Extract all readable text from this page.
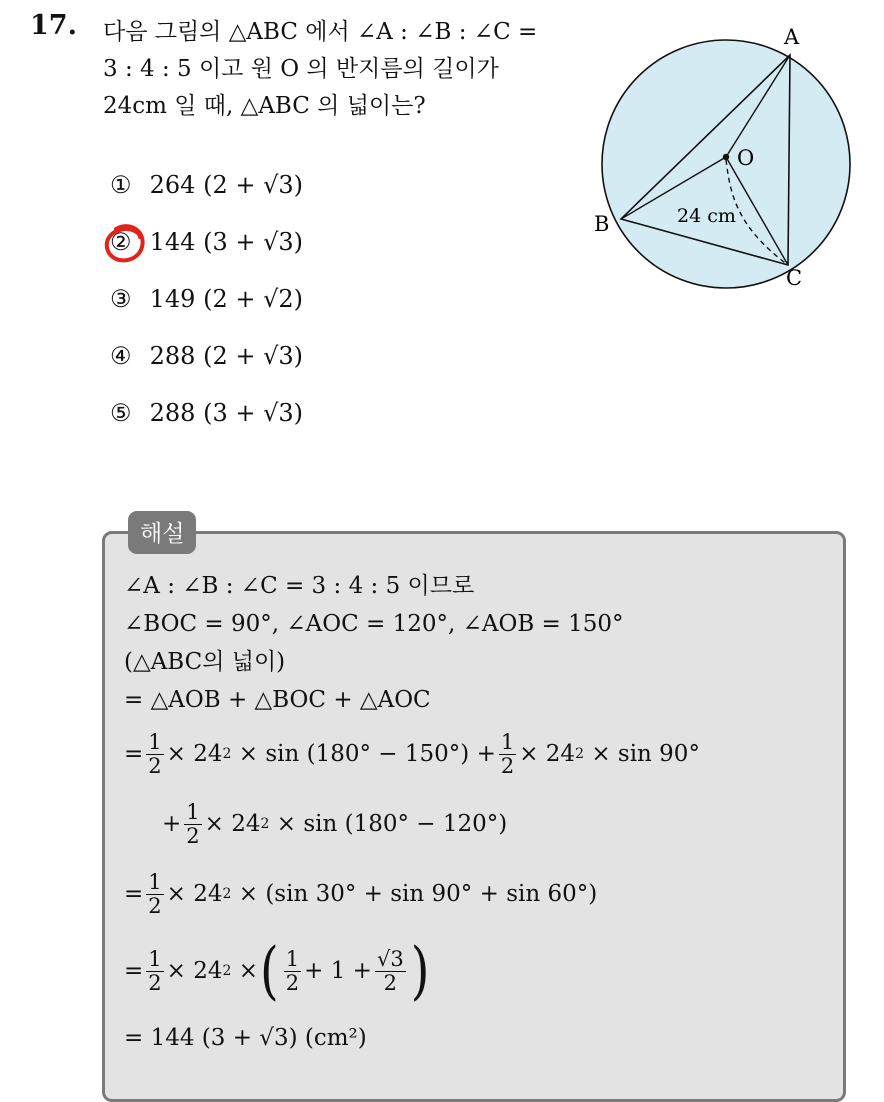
17. 다음 그림의 △ABC 에서 ∠A : ∠B : ∠C =
3 : 4 : 5 이고 원 O 의 반지름의 길이가
24cm 일 때, △ABC 의 넓이는?
① 264 (2 + √3)
② 144 (3 + √3)
③ 149 (2 + √2)
④ 288 (2 + √3)
⑤ 288 (3 + √3)
A
B
C
O
24 cm
해설
∠A : ∠B : ∠C = 3 : 4 : 5 이므로
∠BOC = 90°, ∠AOC = 120°, ∠AOB = 150°
(△ABC의 넓이)
= △AOB + △BOC + △AOC
= $\frac{1}{2} \times 24$ 2
× $\sin (180^\circ - 150^\circ) + \frac{1}{2} \times 24$ 2
× sin 90°
+ $\frac{1}{2} \times 24$ 2
× sin (180° − 120°)
= $\frac{1}{2} \times 24$ 2
× (sin 30° + sin 90° + sin 60°)
= $\frac{1}{2} \times 24$ 2
× ( $\frac{1}{2} + 1 + \frac{√3}{2}$ )
= 144 (3 + √3) (cm²)
